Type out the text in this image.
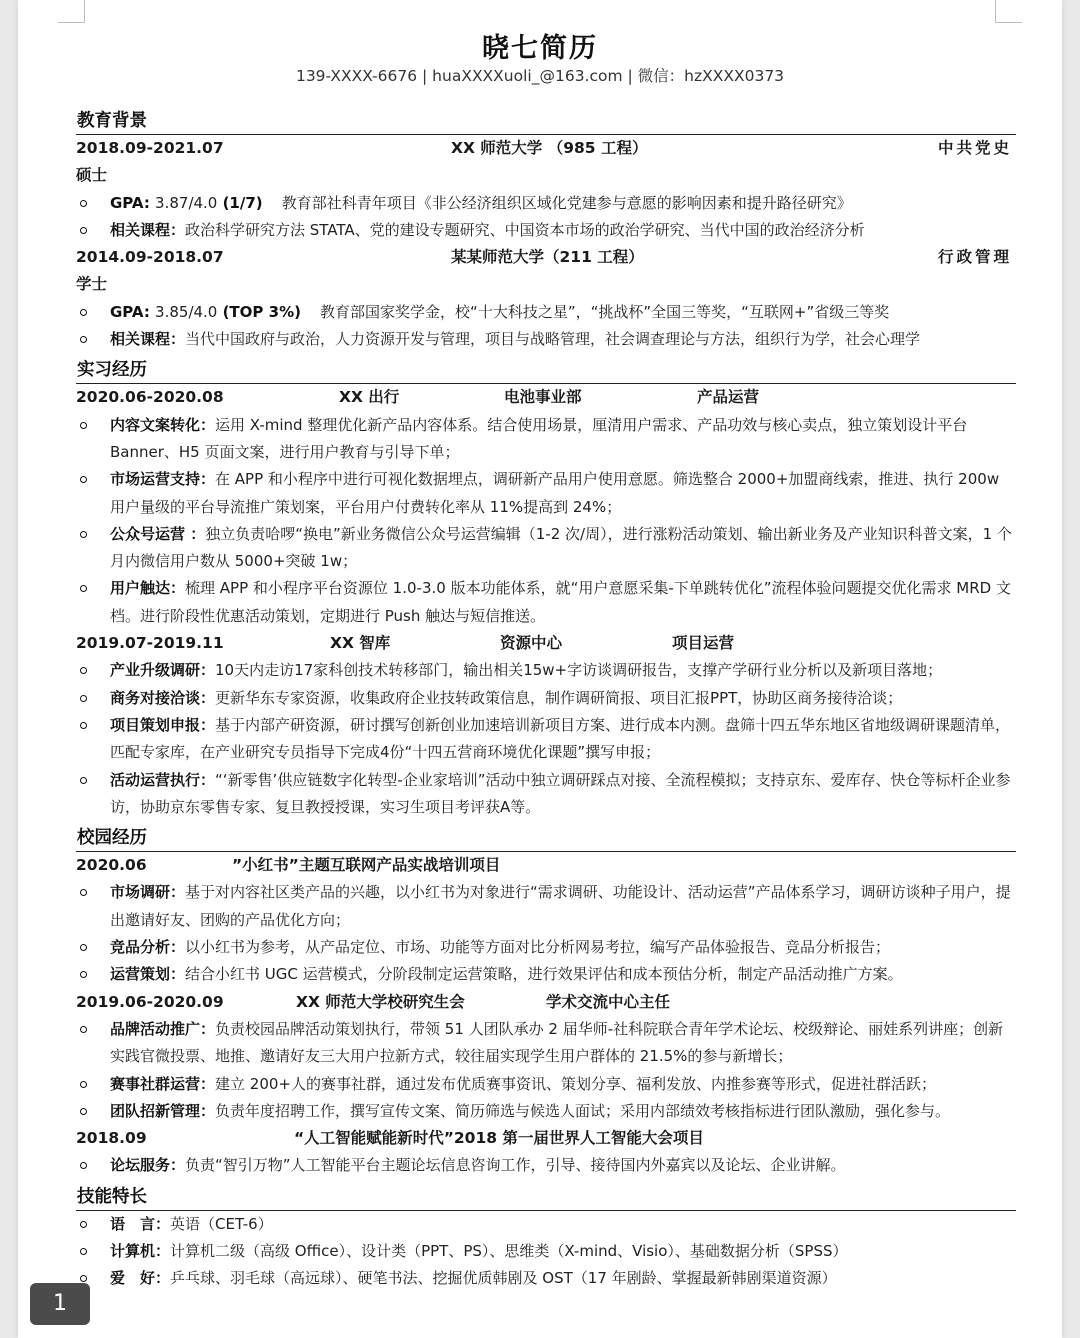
晓七简历
139-XXXX-6676 | huaXXXXuoli_@163.com | 微信：hzXXXX0373
教育背景
2018.09-2021.07	XX 师范大学 （985 工程）	中共党史
硕士
GPA: 3.87/4.0 (1/7) 教育部社科青年项目《非公经济组织区域化党建参与意愿的影响因素和提升路径研究》
相关课程：政治科学研究方法 STATA、党的建设专题研究、中国资本市场的政治学研究、当代中国的政治经济分析
2014.09-2018.07	某某师范大学（211 工程）	行政管理
学士
GPA: 3.85/4.0 (TOP 3%) 教育部国家奖学金，校“十大科技之星”，“挑战杯”全国三等奖，“互联网+”省级三等奖
相关课程：当代中国政府与政治，人力资源开发与管理，项目与战略管理，社会调查理论与方法，组织行为学，社会心理学
实习经历
2020.06-2020.08	XX 出行	电池事业部	产品运营
内容文案转化：运用 X-mind 整理优化新产品内容体系。结合使用场景，厘清用户需求、产品功效与核心卖点，独立策划设计平台 Banner、H5 页面文案，进行用户教育与引导下单；
市场运营支持：在 APP 和小程序中进行可视化数据埋点，调研新产品用户使用意愿。筛选整合 2000+加盟商线索，推进、执行 200w 用户量级的平台导流推广策划案，平台用户付费转化率从 11%提高到 24%；
公众号运营 ：独立负责哈啰“换电”新业务微信公众号运营编辑（1-2 次/周），进行涨粉活动策划、输出新业务及产业知识科普文案，1 个月内微信用户数从 5000+突破 1w；
用户触达：梳理 APP 和小程序平台资源位 1.0-3.0 版本功能体系，就“用户意愿采集-下单跳转优化”流程体验问题提交优化需求 MRD 文档。进行阶段性优惠活动策划，定期进行 Push 触达与短信推送。
2019.07-2019.11	XX 智库	资源中心	项目运营
产业升级调研：10天内走访17家科创技术转移部门，输出相关15w+字访谈调研报告，支撑产学研行业分析以及新项目落地；
商务对接洽谈：更新华东专家资源，收集政府企业技转政策信息，制作调研简报、项目汇报PPT，协助区商务接待洽谈；
项目策划申报：基于内部产研资源，研讨撰写创新创业加速培训新项目方案、进行成本内测。盘筛十四五华东地区省地级调研课题清单，匹配专家库，在产业研究专员指导下完成4份“十四五营商环境优化课题”撰写申报；
活动运营执行：“‘新零售’供应链数字化转型-企业家培训”活动中独立调研踩点对接、全流程模拟；支持京东、爱库存、快仓等标杆企业参访，协助京东零售专家、复旦教授授课，实习生项目考评获A等。
校园经历
2020.06	”小红书”主题互联网产品实战培训项目
市场调研：基于对内容社区类产品的兴趣，以小红书为对象进行“需求调研、功能设计、活动运营”产品体系学习，调研访谈种子用户，提出邀请好友、团购的产品优化方向；
竞品分析：以小红书为参考，从产品定位、市场、功能等方面对比分析网易考拉，编写产品体验报告、竞品分析报告；
运营策划：结合小红书 UGC 运营模式，分阶段制定运营策略，进行效果评估和成本预估分析，制定产品活动推广方案。
2019.06-2020.09	XX 师范大学校研究生会	学术交流中心主任
品牌活动推广：负责校园品牌活动策划执行，带领 51 人团队承办 2 届华师-社科院联合青年学术论坛、校级辩论、丽娃系列讲座；创新实践官微投票、地推、邀请好友三大用户拉新方式，较往届实现学生用户群体的 21.5%的参与新增长；
赛事社群运营：建立 200+人的赛事社群，通过发布优质赛事资讯、策划分享、福利发放、内推参赛等形式，促进社群活跃；
团队招新管理：负责年度招聘工作，撰写宣传文案、简历筛选与候选人面试；采用内部绩效考核指标进行团队激励，强化参与。
2018.09	“人工智能赋能新时代”2018 第一届世界人工智能大会项目
论坛服务：负责“智引万物”人工智能平台主题论坛信息咨询工作，引导、接待国内外嘉宾以及论坛、企业讲解。
技能特长
语　言：英语（CET-6）
计算机：计算机二级（高级 Office）、设计类（PPT、PS）、思维类（X-mind、Visio）、基础数据分析（SPSS）
爱　好：乒乓球、羽毛球（高远球）、硬笔书法、挖掘优质韩剧及 OST（17 年剧龄、掌握最新韩剧渠道资源）
1
